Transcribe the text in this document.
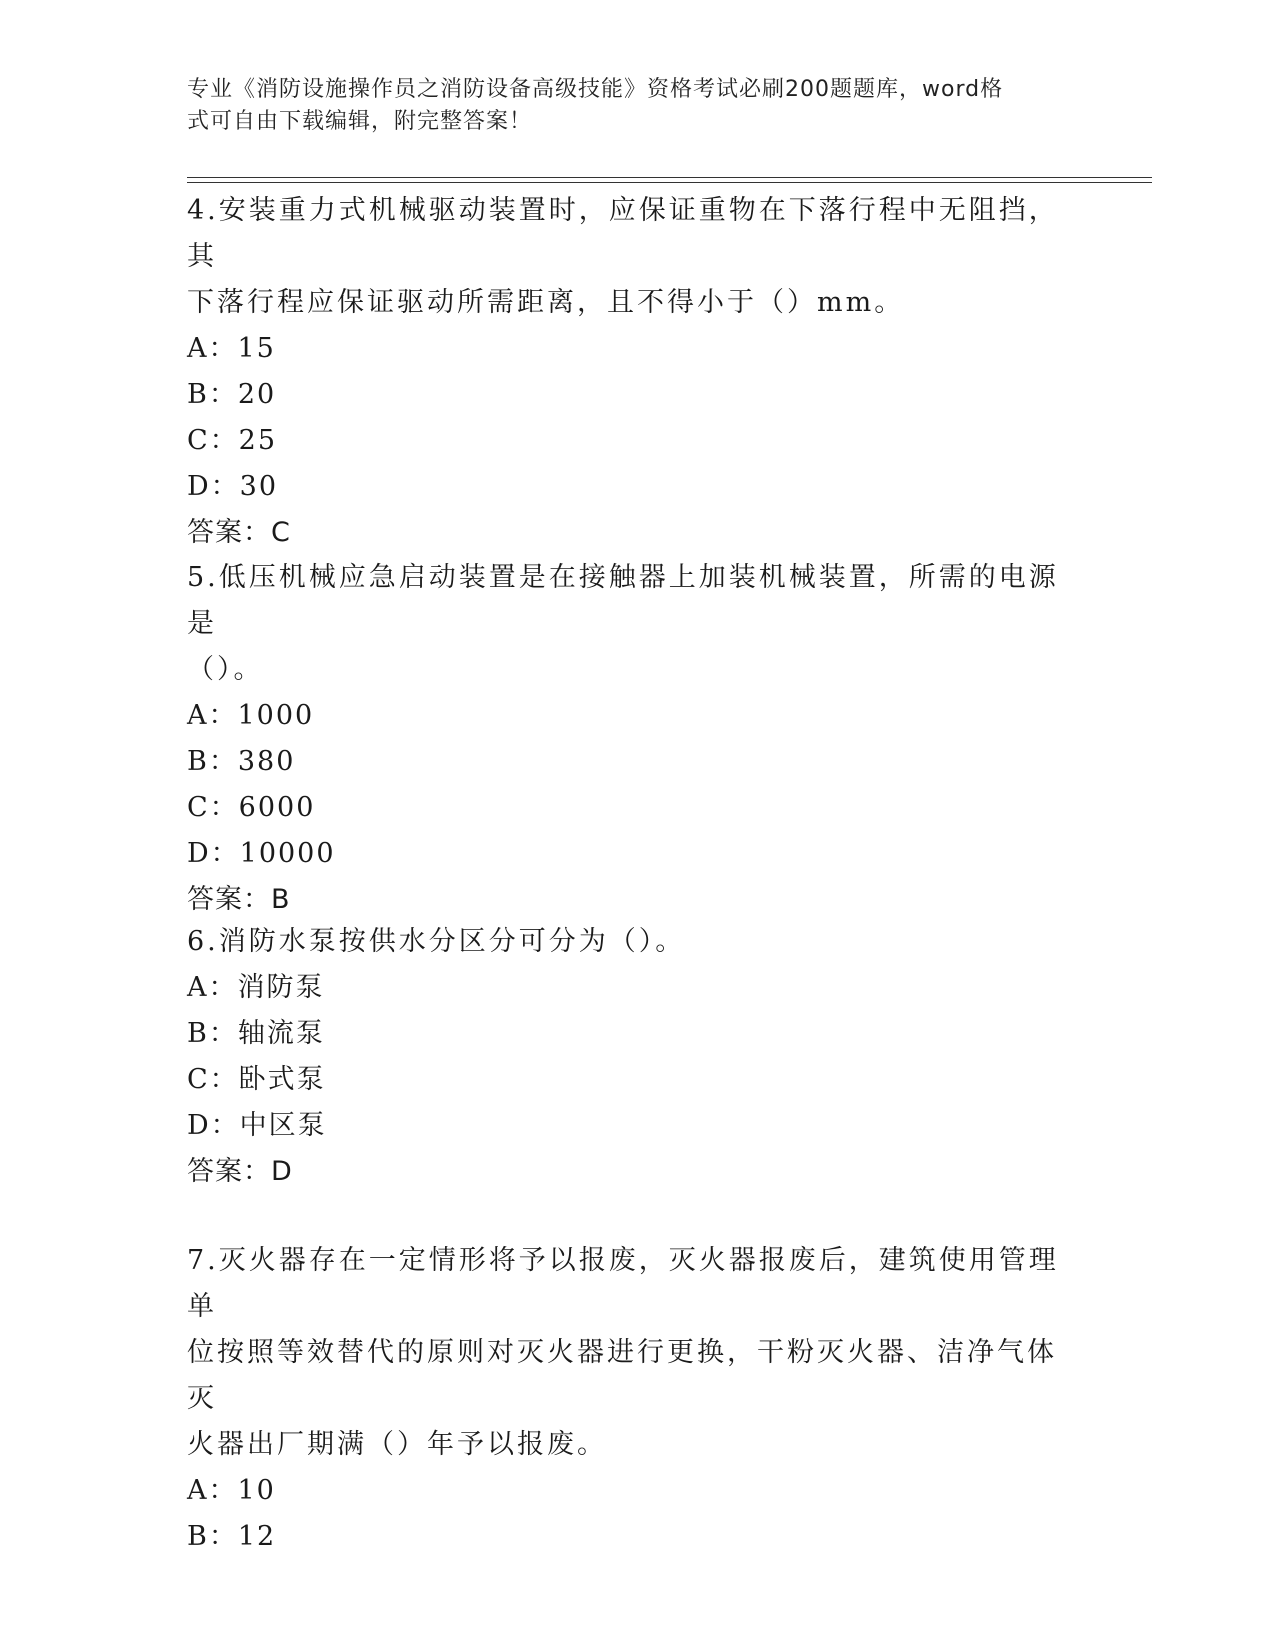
专业《消防设施操作员之消防设备高级技能》资格考试必刷200题题库，word格
式可自由下载编辑，附完整答案！

4.安装重力式机械驱动装置时，应保证重物在下落行程中无阻挡，其

下落行程应保证驱动所需距离，且不得小于（）mm。

A：15

B：20

C：25

D：30

答案：C

5.低压机械应急启动装置是在接触器上加装机械装置，所需的电源是

（）。

A：1000

B：380

C：6000

D：10000

答案：B

6.消防水泵按供水分区分可分为（）。

A：消防泵

B：轴流泵

C：卧式泵

D：中区泵

答案：D

7.灭火器存在一定情形将予以报废，灭火器报废后，建筑使用管理单

位按照等效替代的原则对灭火器进行更换，干粉灭火器、洁净气体灭

火器出厂期满（）年予以报废。

A：10

B：12
